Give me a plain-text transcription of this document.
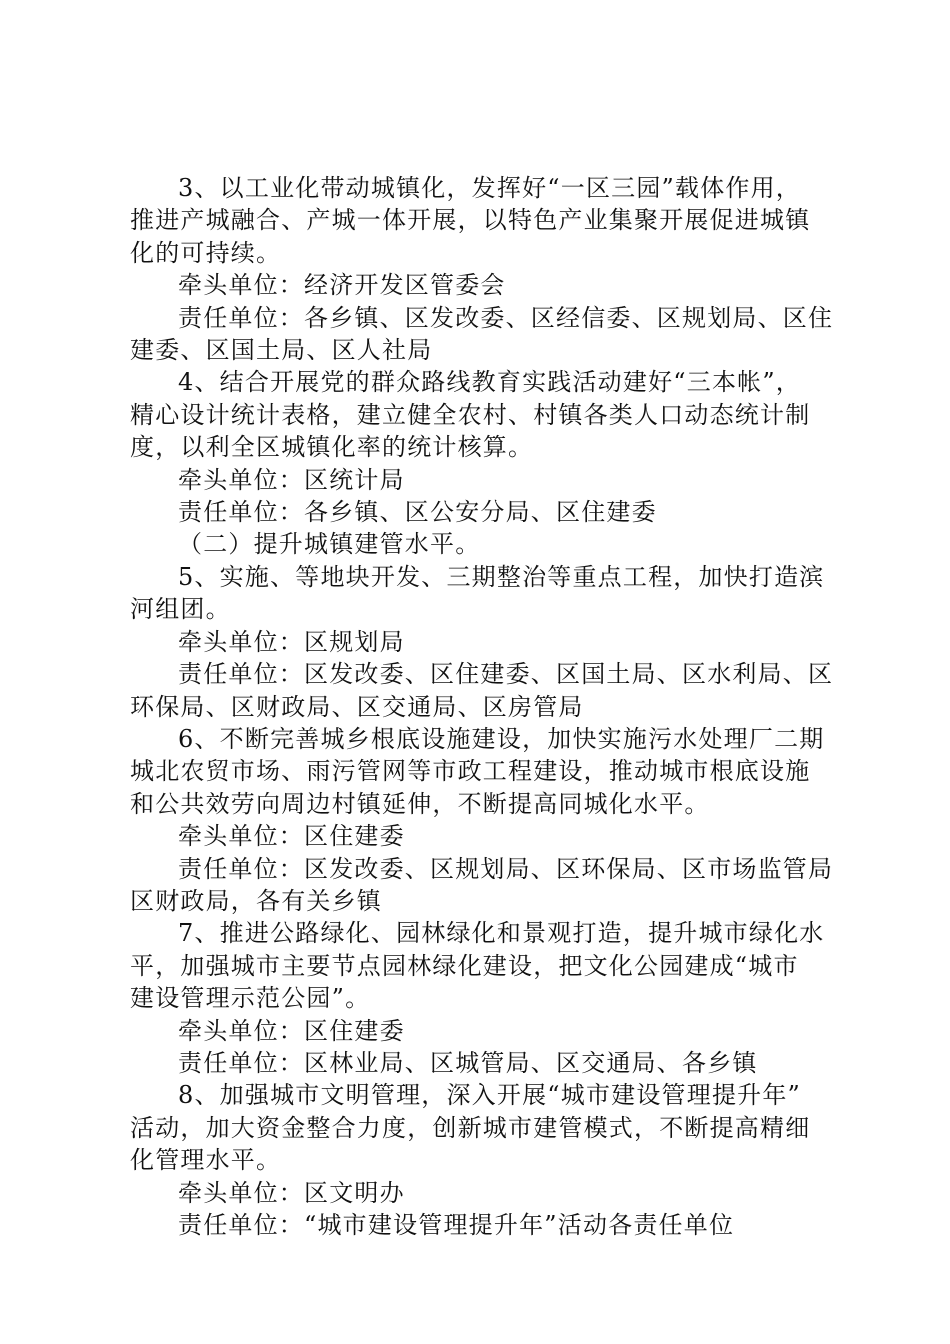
3、以工业化带动城镇化，发挥好“一区三园”载体作用，
推进产城融合、产城一体开展，以特色产业集聚开展促进城镇
化的可持续。

牵头单位：经济开发区管委会

责任单位：各乡镇、区发改委、区经信委、区规划局、区住
建委、区国土局、区人社局

4、结合开展党的群众路线教育实践活动建好“三本帐”，
精心设计统计表格，建立健全农村、村镇各类人口动态统计制
度，以利全区城镇化率的统计核算。

牵头单位：区统计局

责任单位：各乡镇、区公安分局、区住建委

（二）提升城镇建管水平。

5、实施、等地块开发、三期整治等重点工程，加快打造滨
河组团。

牵头单位：区规划局

责任单位：区发改委、区住建委、区国土局、区水利局、区
环保局、区财政局、区交通局、区房管局

6、不断完善城乡根底设施建设，加快实施污水处理厂二期
城北农贸市场、雨污管网等市政工程建设，推动城市根底设施
和公共效劳向周边村镇延伸，不断提高同城化水平。

牵头单位：区住建委

责任单位：区发改委、区规划局、区环保局、区市场监管局
区财政局，各有关乡镇

7、推进公路绿化、园林绿化和景观打造，提升城市绿化水
平，加强城市主要节点园林绿化建设，把文化公园建成“城市
建设管理示范公园”。

牵头单位：区住建委

责任单位：区林业局、区城管局、区交通局、各乡镇

8、加强城市文明管理，深入开展“城市建设管理提升年”
活动，加大资金整合力度，创新城市建管模式，不断提高精细
化管理水平。

牵头单位：区文明办

责任单位：“城市建设管理提升年”活动各责任单位
